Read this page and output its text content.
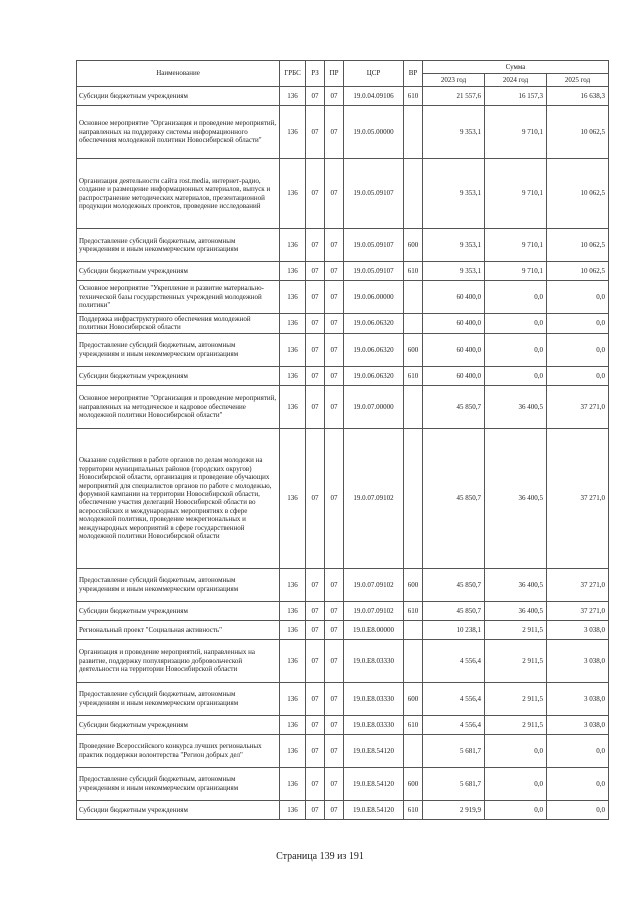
Наименование	ГРБС	РЗ	ПР	ЦСР	ВР	Сумма		
						2023 год	2024 год	2025 год
Субсидии бюджетным учреждениям	136	07	07	19.0.04.09106	610	21 557,6	16 157,3	16 638,3
Основное мероприятие "Организация и проведение мероприятий, направленных на поддержку системы информационного обеспечения молодежной политики Новосибирской области"	136	07	07	19.0.05.00000		9 353,1	9 710,1	10 062,5
Организация деятельности сайта rost.media, интернет-радио, создание и размещение информационных материалов, выпуск и распространение методических материалов, презентационной продукции молодежных проектов, проведение исследований	136	07	07	19.0.05.09107		9 353,1	9 710,1	10 062,5
Предоставление субсидий бюджетным, автономным учреждениям и иным некоммерческим организациям	136	07	07	19.0.05.09107	600	9 353,1	9 710,1	10 062,5
Субсидии бюджетным учреждениям	136	07	07	19.0.05.09107	610	9 353,1	9 710,1	10 062,5
Основное мероприятие "Укрепление и развитие материально-технической базы государственных учреждений молодежной политики"	136	07	07	19.0.06.00000		60 400,0	0,0	0,0
Поддержка инфраструктурного обеспечения молодежной политики Новосибирской области	136	07	07	19.0.06.06320		60 400,0	0,0	0,0
Предоставление субсидий бюджетным, автономным учреждениям и иным некоммерческим организациям	136	07	07	19.0.06.06320	600	60 400,0	0,0	0,0
Субсидии бюджетным учреждениям	136	07	07	19.0.06.06320	610	60 400,0	0,0	0,0
Основное мероприятие "Организация и проведение мероприятий, направленных на методическое и кадровое обеспечение молодежной политики Новосибирской области"	136	07	07	19.0.07.00000		45 850,7	36 400,5	37 271,0
Оказание содействия в работе органов по делам молодежи на территории муниципальных районов (городских округов) Новосибирской области, организация и проведение обучающих мероприятий для специалистов органов по работе с молодежью, форумной кампании на территории Новосибирской области, обеспечение участия делегаций Новосибирской области во всероссийских и международных мероприятиях в сфере молодежной политики, проведение межрегиональных и международных мероприятий в сфере государственной молодежной политики Новосибирской области	136	07	07	19.0.07.09102		45 850,7	36 400,5	37 271,0
Предоставление субсидий бюджетным, автономным учреждениям и иным некоммерческим организациям	136	07	07	19.0.07.09102	600	45 850,7	36 400,5	37 271,0
Субсидии бюджетным учреждениям	136	07	07	19.0.07.09102	610	45 850,7	36 400,5	37 271,0
Региональный проект "Социальная активность"	136	07	07	19.0.E8.00000		10 238,1	2 911,5	3 038,0
Организация и проведение мероприятий, направленных на развитие, поддержку популяризацию добровольческой деятельности на территории Новосибирской области	136	07	07	19.0.E8.03330		4 556,4	2 911,5	3 038,0
Предоставление субсидий бюджетным, автономным учреждениям и иным некоммерческим организациям	136	07	07	19.0.E8.03330	600	4 556,4	2 911,5	3 038,0
Субсидии бюджетным учреждениям	136	07	07	19.0.E8.03330	610	4 556,4	2 911,5	3 038,0
Проведение Всероссийского конкурса лучших региональных практик поддержки волонтерства "Регион добрых дел"	136	07	07	19.0.E8.54120		5 681,7	0,0	0,0
Предоставление субсидий бюджетным, автономным учреждениям и иным некоммерческим организациям	136	07	07	19.0.E8.54120	600	5 681,7	0,0	0,0
Субсидии бюджетным учреждениям	136	07	07	19.0.E8.54120	610	2 919,9	0,0	0,0
Страница 139 из 191
